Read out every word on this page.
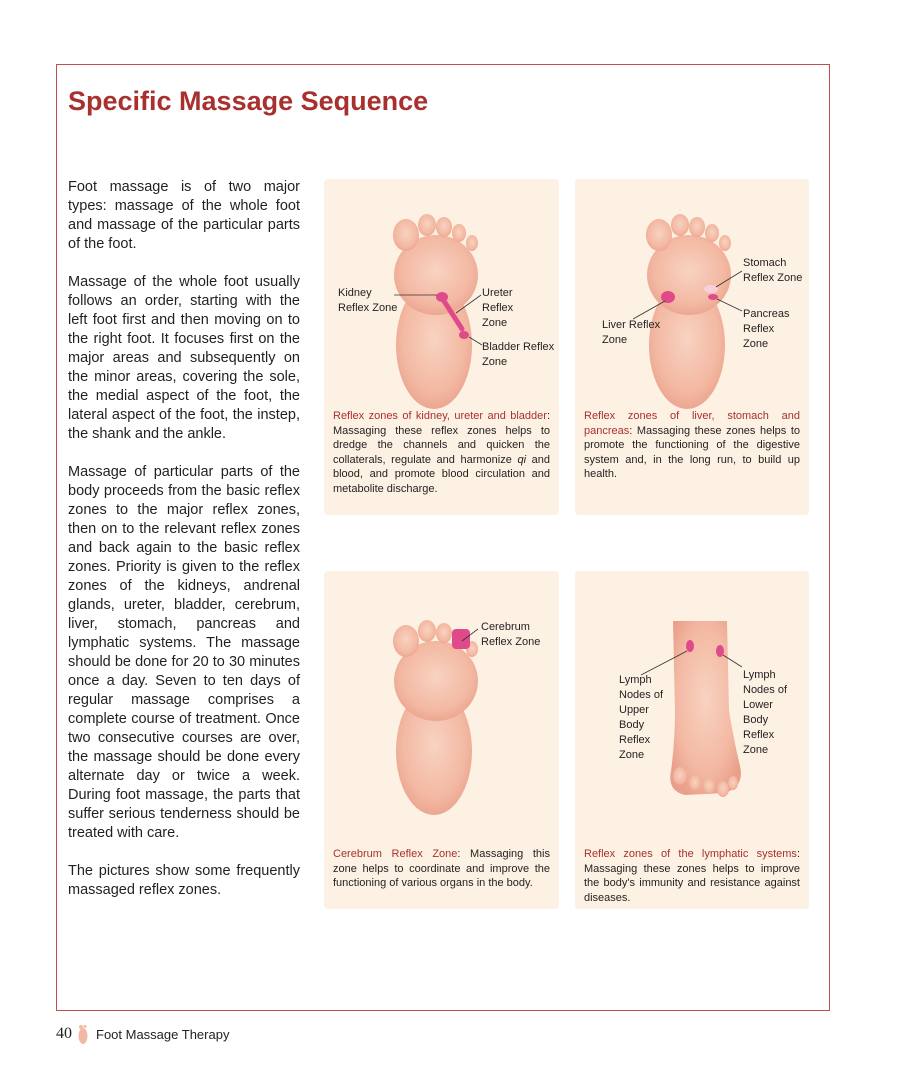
Specific Massage Sequence

Foot massage is of two major types: massage of the whole foot and massage of the particular parts of the foot.

Massage of the whole foot usually follows an order, starting with the left foot first and then moving on to the right foot. It focuses first on the major areas and subsequently on the minor areas, covering the sole, the medial aspect of the foot, the lateral aspect of the foot, the instep, the shank and the ankle.

Massage of particular parts of the body proceeds from the basic reflex zones to the major reflex zones, then on to the relevant reflex zones and back again to the basic reflex zones. Priority is given to the reflex zones of the kidneys, andrenal glands, ureter, bladder, cerebrum, liver, stomach, pancreas and lymphatic systems. The massage should be done for 20 to 30 minutes once a day. Seven to ten days of regular massage comprises a complete course of treatment. Once two consecutive courses are over, the massage should be done every alternate day or twice a week. During foot massage, the parts that suffer serious tenderness should be treated with care.

The pictures show some frequently massaged reflex zones.

Kidney Reflex Zone
Ureter Reflex Zone
Bladder Reflex Zone
Reflex zones of kidney, ureter and bladder: Massaging these reflex zones helps to dredge the channels and quicken the collaterals, regulate and harmonize qi and blood, and promote blood circulation and metabolite discharge.
Stomach Reflex Zone
Liver Reflex Zone
Pancreas Reflex Zone
Reflex zones of liver, stomach and pancreas: Massaging these zones helps to promote the functioning of the digestive system and, in the long run, to build up health.
Cerebrum Reflex Zone
Cerebrum Reflex Zone: Massaging this zone helps to coordinate and improve the functioning of various organs in the body.
Lymph Nodes of Upper Body Reflex Zone
Lymph Nodes of Lower Body Reflex Zone
Reflex zones of the lymphatic systems: Massaging these zones helps to improve the body's immunity and resistance against diseases.
40 Foot Massage Therapy
